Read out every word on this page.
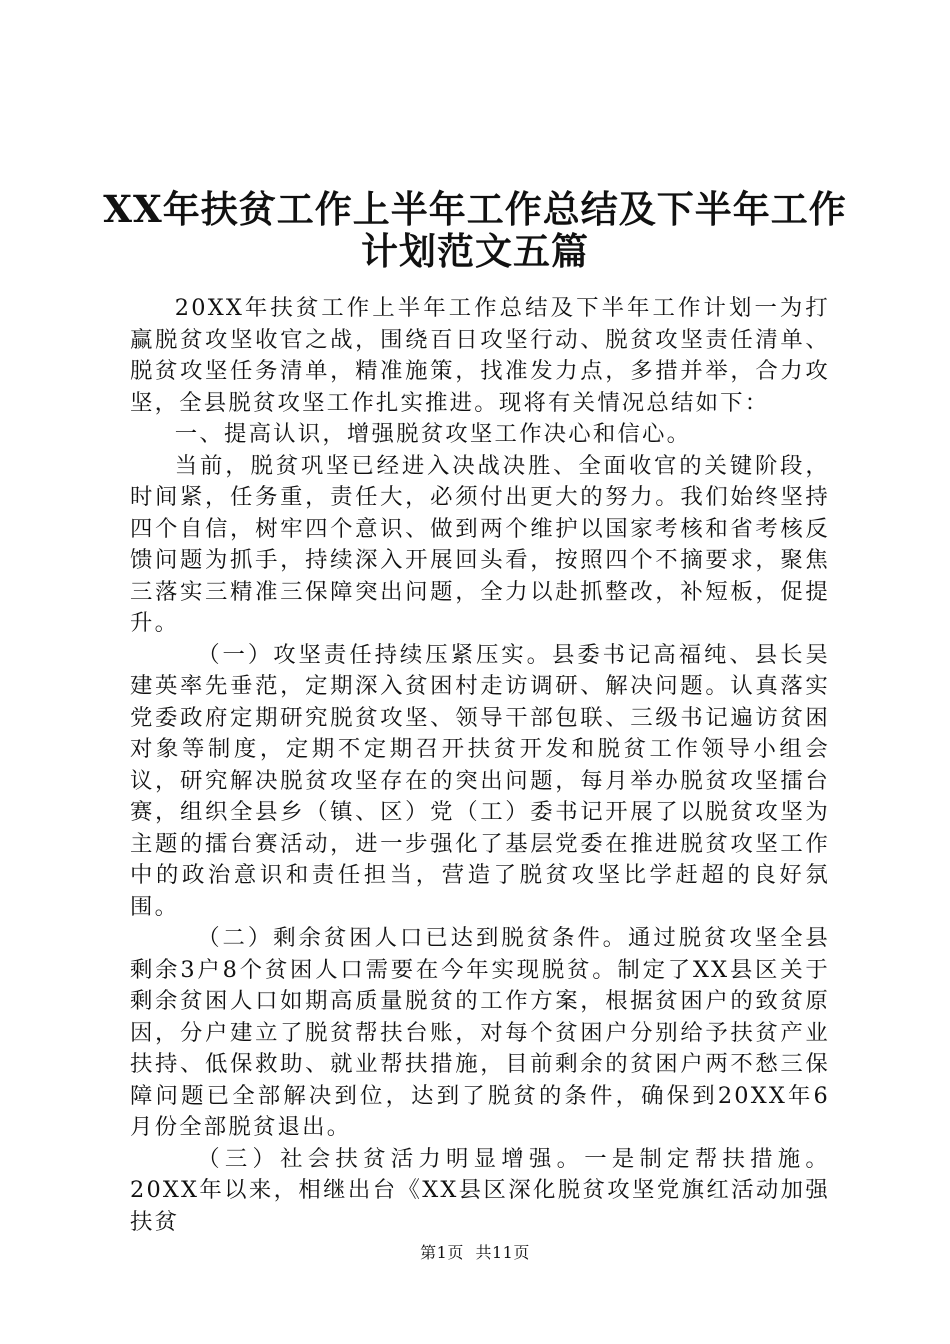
XX年扶贫工作上半年工作总结及下半年工作
计划范文五篇

20XX年扶贫工作上半年工作总结及下半年工作计划一为打赢脱贫攻坚收官之战，围绕百日攻坚行动、脱贫攻坚责任清单、脱贫攻坚任务清单，精准施策，找准发力点，多措并举，合力攻坚，全县脱贫攻坚工作扎实推进。现将有关情况总结如下：

一、提高认识，增强脱贫攻坚工作决心和信心。

当前，脱贫巩坚已经进入决战决胜、全面收官的关键阶段，时间紧，任务重，责任大，必须付出更大的努力。我们始终坚持四个自信，树牢四个意识、做到两个维护以国家考核和省考核反馈问题为抓手，持续深入开展回头看，按照四个不摘要求，聚焦三落实三精准三保障突出问题，全力以赴抓整改，补短板，促提升。

（一）攻坚责任持续压紧压实。县委书记高福纯、县长吴建英率先垂范，定期深入贫困村走访调研、解决问题。认真落实党委政府定期研究脱贫攻坚、领导干部包联、三级书记遍访贫困对象等制度，定期不定期召开扶贫开发和脱贫工作领导小组会议，研究解决脱贫攻坚存在的突出问题，每月举办脱贫攻坚擂台赛，组织全县乡（镇、区）党（工）委书记开展了以脱贫攻坚为主题的擂台赛活动，进一步强化了基层党委在推进脱贫攻坚工作中的政治意识和责任担当，营造了脱贫攻坚比学赶超的良好氛围。

（二）剩余贫困人口已达到脱贫条件。通过脱贫攻坚全县剩余3户8个贫困人口需要在今年实现脱贫。制定了XX县区关于剩余贫困人口如期高质量脱贫的工作方案，根据贫困户的致贫原因，分户建立了脱贫帮扶台账，对每个贫困户分别给予扶贫产业扶持、低保救助、就业帮扶措施，目前剩余的贫困户两不愁三保障问题已全部解决到位，达到了脱贫的条件，确保到20XX年6月份全部脱贫退出。

（三）社会扶贫活力明显增强。一是制定帮扶措施。20XX年以来，相继出台《XX县区深化脱贫攻坚党旗红活动加强扶贫

第1页 共11页
